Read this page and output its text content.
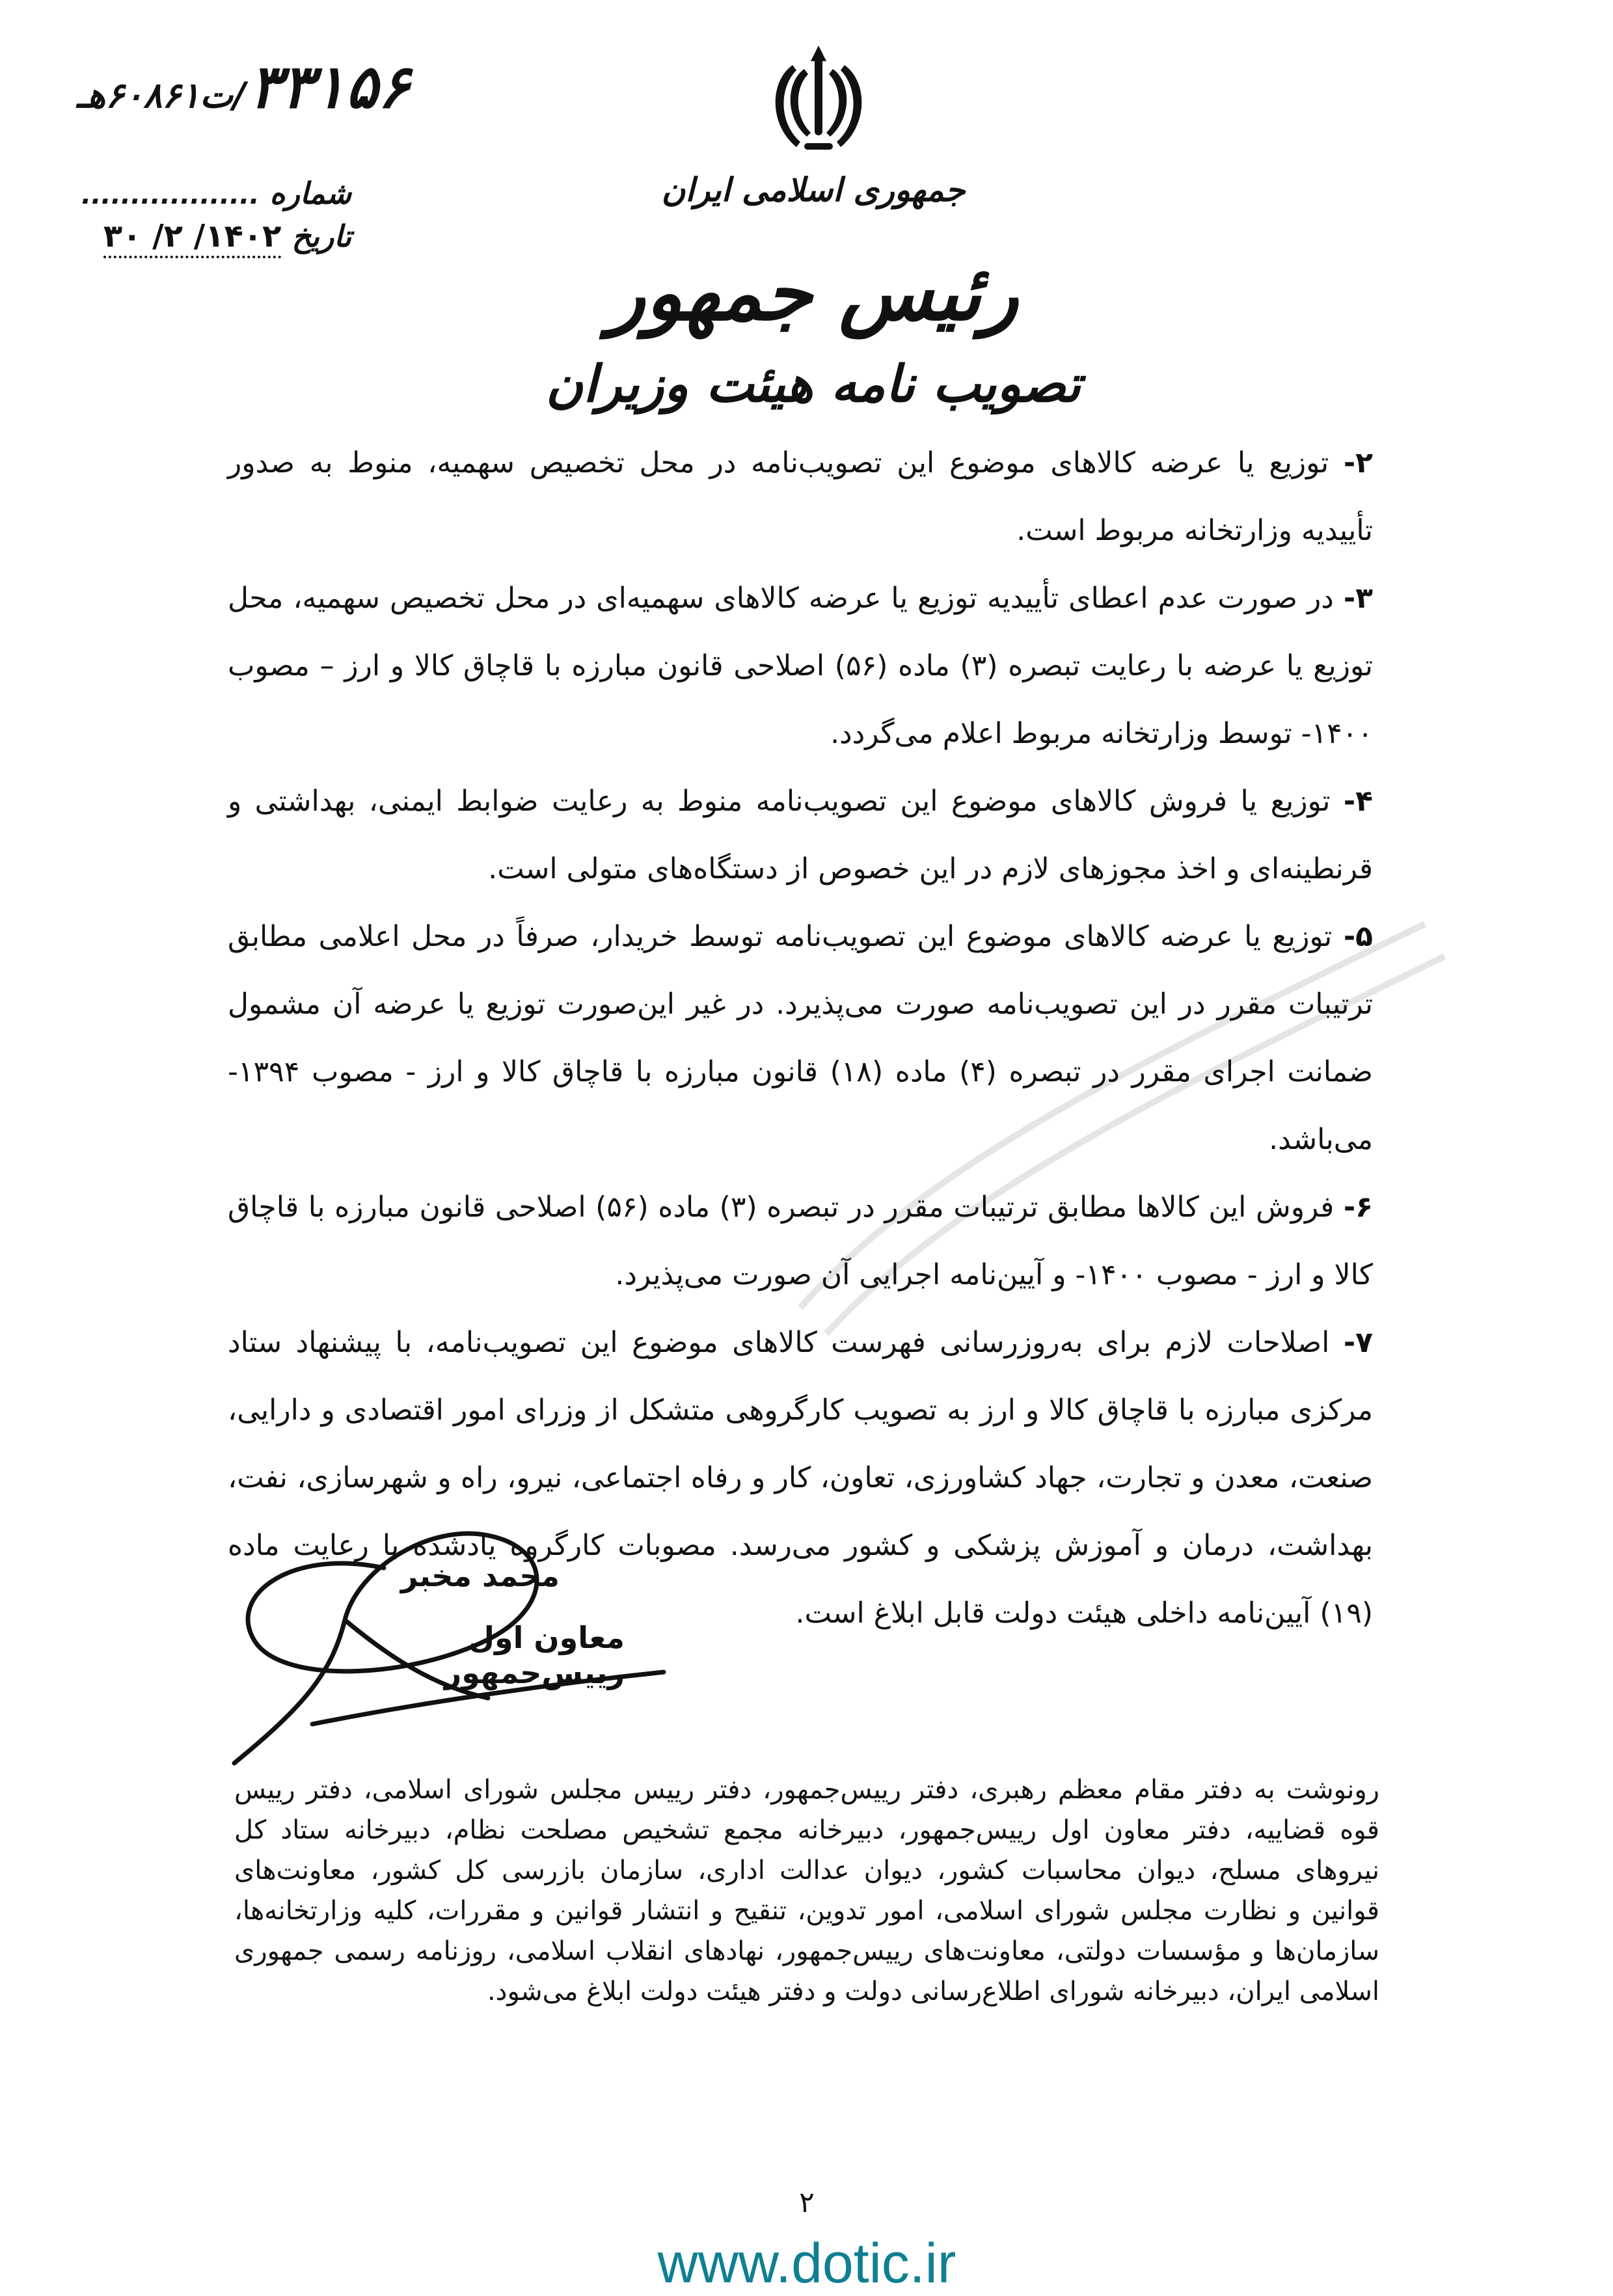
۳۳۱۵۶ /ت۶۰۸۶۱هـ
شماره ..................
تاریخ ۱۴۰۲/ ۲/ ۳۰
جمهوری اسلامی ایران
رئیس جمهور
تصویب نامه هیئت وزیران

۲- توزیع یا عرضه کالاهای موضوع این تصویب‌نامه در محل تخصیص سهمیه، منوط به صدور تأییدیه وزارتخانه مربوط است.

۳- در صورت عدم اعطای تأییدیه توزیع یا عرضه کالاهای سهمیه‌ای در محل تخصیص سهمیه، محل توزیع یا عرضه با رعایت تبصره (۳) ماده (۵۶) اصلاحی قانون مبارزه با قاچاق کالا و ارز – مصوب ۱۴۰۰- توسط وزارتخانه مربوط اعلام می‌گردد.

۴- توزیع یا فروش کالاهای موضوع این تصویب‌نامه منوط به رعایت ضوابط ایمنی، بهداشتی و قرنطینه‌ای و اخذ مجوزهای لازم در این خصوص از دستگاه‌های متولی است.

۵- توزیع یا عرضه کالاهای موضوع این تصویب‌نامه توسط خریدار، صرفاً در محل اعلامی مطابق ترتیبات مقرر در این تصویب‌نامه صورت می‌پذیرد. در غیر این‌صورت توزیع یا عرضه آن مشمول ضمانت اجرای مقرر در تبصره (۴) ماده (۱۸) قانون مبارزه با قاچاق کالا و ارز - مصوب ۱۳۹۴- می‌باشد.

۶- فروش این کالاها مطابق ترتیبات مقرر در تبصره (۳) ماده (۵۶) اصلاحی قانون مبارزه با قاچاق کالا و ارز - مصوب ۱۴۰۰- و آیین‌نامه اجرایی آن صورت می‌پذیرد.

۷- اصلاحات لازم برای به‌روزرسانی فهرست کالاهای موضوع این تصویب‌نامه، با پیشنهاد ستاد مرکزی مبارزه با قاچاق کالا و ارز به تصویب کارگروهی متشکل از وزرای امور اقتصادی و دارایی، صنعت، معدن و تجارت، جهاد کشاورزی، تعاون، کار و رفاه اجتماعی، نیرو، راه و شهرسازی، نفت، بهداشت، درمان و آموزش پزشکی و کشور می‌رسد. مصوبات کارگروه یادشده با رعایت ماده (۱۹) آیین‌نامه داخلی هیئت دولت قابل ابلاغ است.

محمد مخبر
معاون اول رییس‌جمهور
رونوشت به دفتر مقام معظم رهبری، دفتر رییس‌جمهور، دفتر رییس مجلس شورای اسلامی، دفتر رییس قوه قضاییه، دفتر معاون اول رییس‌جمهور، دبیرخانه مجمع تشخیص مصلحت نظام، دبیرخانه ستاد کل نیروهای مسلح، دیوان محاسبات کشور، دیوان عدالت اداری، سازمان بازرسی کل کشور، معاونت‌های قوانین و نظارت مجلس شورای اسلامی، امور تدوین، تنقیح و انتشار قوانین و مقررات، کلیه وزارتخانه‌ها، سازمان‌ها و مؤسسات دولتی، معاونت‌های رییس‌جمهور، نهادهای انقلاب اسلامی، روزنامه رسمی جمهوری اسلامی ایران، دبیرخانه شورای اطلاع‌رسانی دولت و دفتر هیئت دولت ابلاغ می‌شود.
۲
www.dotic.ir
